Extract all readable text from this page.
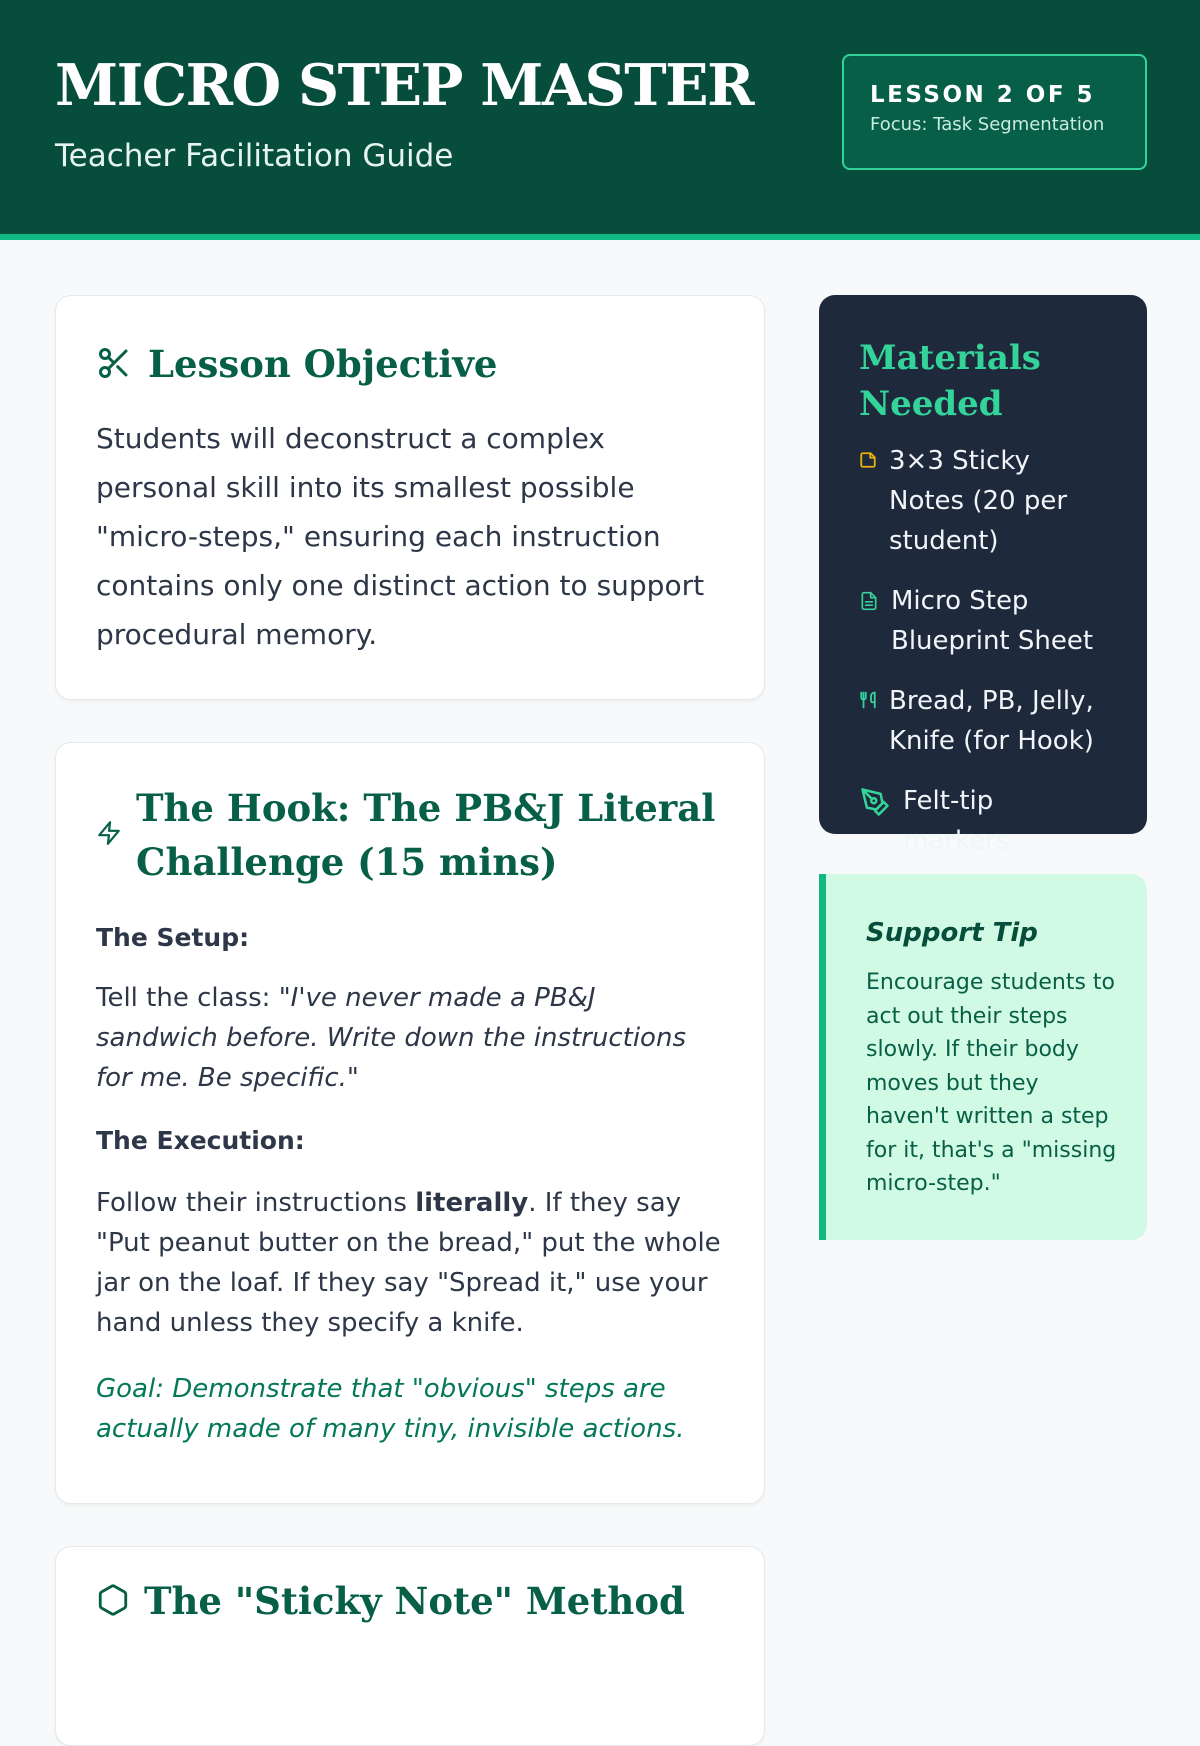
MICRO STEP MASTER
Teacher Facilitation Guide
LESSON 2 OF 5
Focus: Task Segmentation
Lesson Objective

Students will deconstruct a complex personal skill into its smallest possible "micro-steps," ensuring each instruction contains only one distinct action to support procedural memory.

The Hook: The PB&J Literal Challenge (15 mins)
The Setup:

Tell the class: "I've never made a PB&J sandwich before. Write down the instructions for me. Be specific."

The Execution:

Follow their instructions literally. If they say "Put peanut butter on the bread," put the whole jar on the loaf. If they say "Spread it," use your hand unless they specify a knife.

Goal: Demonstrate that "obvious" steps are actually made of many tiny, invisible actions.

The "Sticky Note" Method
Materials Needed
3×3 Sticky Notes (20 per student)
Micro Step Blueprint Sheet
Bread, PB, Jelly, Knife (for Hook)
Felt-tip markers
Support Tip

Encourage students to act out their steps slowly. If their body moves but they haven't written a step for it, that's a "missing micro-step."
